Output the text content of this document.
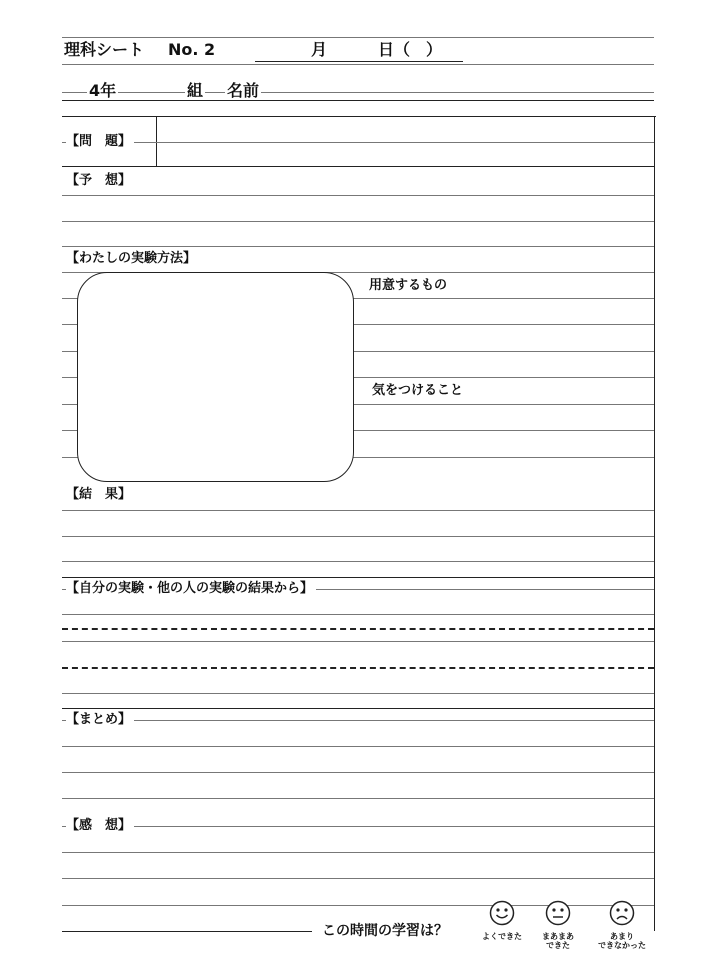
理科シート No. 2	月	日（　）
4年	組 名前
【問　題】
【予　想】
【わたしの実験方法】
用意するもの
気をつけること
【結　果】
【自分の実験・他の人の実験の結果から】
【まとめ】
【感　想】
この時間の学習は？	よくできた	まあまあ
できた
あまり
できなかった
